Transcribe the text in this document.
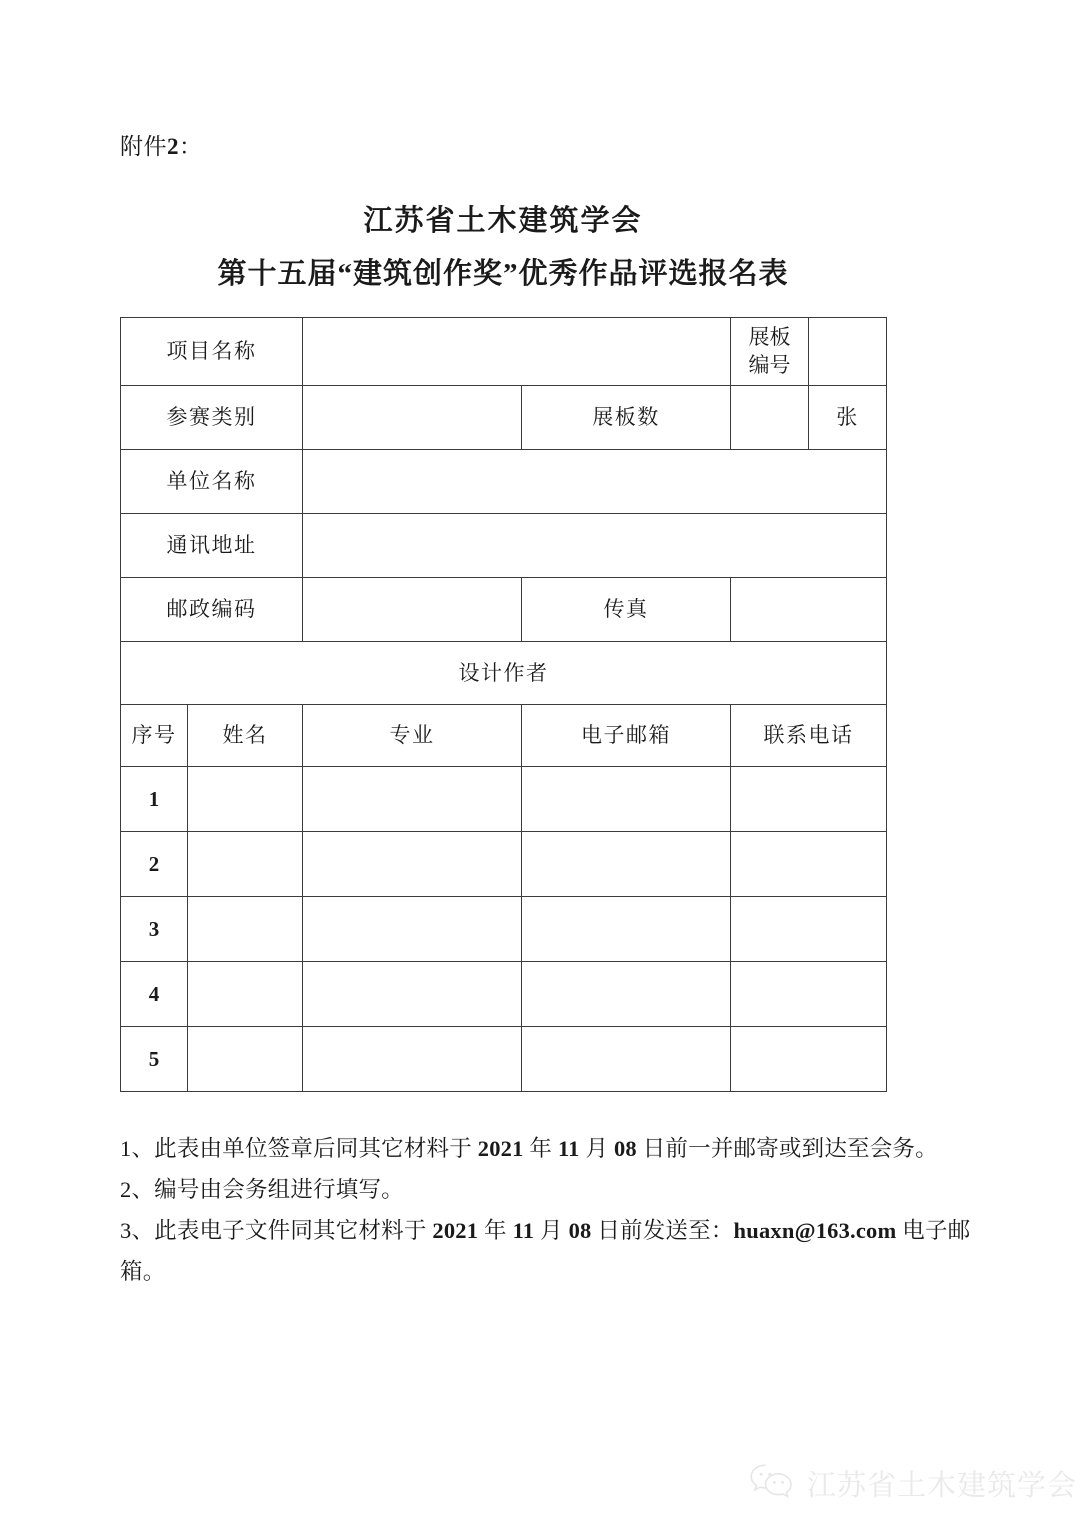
附件2：
江苏省土木建筑学会
第十五届“建筑创作奖”优秀作品评选报名表
项目名称				展板
编号	

参赛类别			展板数		张
单位名称					
通讯地址					
邮政编码			传真		
设计作者					
序号	姓名	专业	电子邮箱	联系电话	
1					
2					
3					
4					
5					
1、此表由单位签章后同其它材料于 2021 年 11 月 08 日前一并邮寄或到达至会务。
2、编号由会务组进行填写。
3、此表电子文件同其它材料于 2021 年 11 月 08 日前发送至：huaxn@163.com 电子邮箱。
江苏省土木建筑学会
